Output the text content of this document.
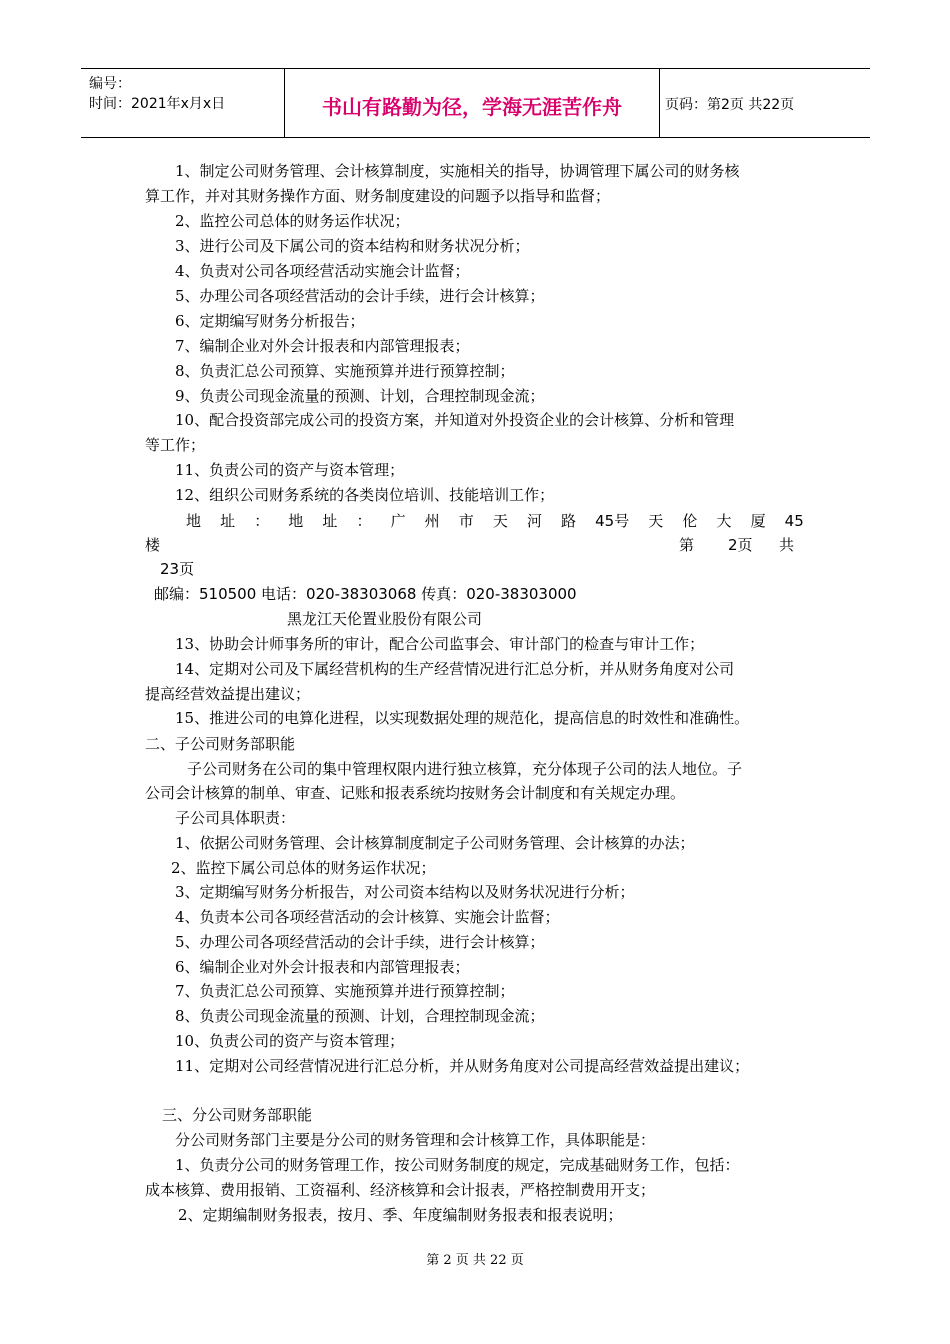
编号：
时间：2021年x月x日	书山有路勤为径，学海无涯苦作舟	页码：第2页 共22页
1、制定公司财务管理、会计核算制度，实施相关的指导，协调管理下属公司的财务核
算工作，并对其财务操作方面、财务制度建设的问题予以指导和监督；
2、监控公司总体的财务运作状况；
3、进行公司及下属公司的资本结构和财务状况分析；
4、负责对公司各项经营活动实施会计监督；
5、办理公司各项经营活动的会计手续，进行会计核算；
6、定期编写财务分析报告；
7、编制企业对外会计报表和内部管理报表；
8、负责汇总公司预算、实施预算并进行预算控制；
9、负责公司现金流量的预测、计划，合理控制现金流；
10、配合投资部完成公司的投资方案，并知道对外投资企业的会计核算、分析和管理
等工作；
11、负责公司的资产与资本管理；
12、组织公司财务系统的各类岗位培训、技能培训工作；
地 址 ： 地 址 ： 广 州 市 天 河 路 45号 天 伦 大 厦 45
楼	第 2页 共
23页
邮编：510500 电话：020-38303068 传真：020-38303000
黑龙江天伦置业股份有限公司
13、协助会计师事务所的审计，配合公司监事会、审计部门的检查与审计工作；
14、定期对公司及下属经营机构的生产经营情况进行汇总分析，并从财务角度对公司
提高经营效益提出建议；
15、推进公司的电算化进程，以实现数据处理的规范化，提高信息的时效性和准确性。
二、子公司财务部职能
子公司财务在公司的集中管理权限内进行独立核算，充分体现子公司的法人地位。子
公司会计核算的制单、审查、记账和报表系统均按财务会计制度和有关规定办理。
子公司具体职责：
1、依据公司财务管理、会计核算制度制定子公司财务管理、会计核算的办法；
2、监控下属公司总体的财务运作状况；
3、定期编写财务分析报告，对公司资本结构以及财务状况进行分析；
4、负责本公司各项经营活动的会计核算、实施会计监督；
5、办理公司各项经营活动的会计手续，进行会计核算；
6、编制企业对外会计报表和内部管理报表；
7、负责汇总公司预算、实施预算并进行预算控制；
8、负责公司现金流量的预测、计划，合理控制现金流；
10、负责公司的资产与资本管理；
11、定期对公司经营情况进行汇总分析，并从财务角度对公司提高经营效益提出建议；
三、分公司财务部职能
分公司财务部门主要是分公司的财务管理和会计核算工作，具体职能是：
1、负责分公司的财务管理工作，按公司财务制度的规定，完成基础财务工作，包括：
成本核算、费用报销、工资福利、经济核算和会计报表，严格控制费用开支；
2、定期编制财务报表，按月、季、年度编制财务报表和报表说明；
第 2 页 共 22 页
